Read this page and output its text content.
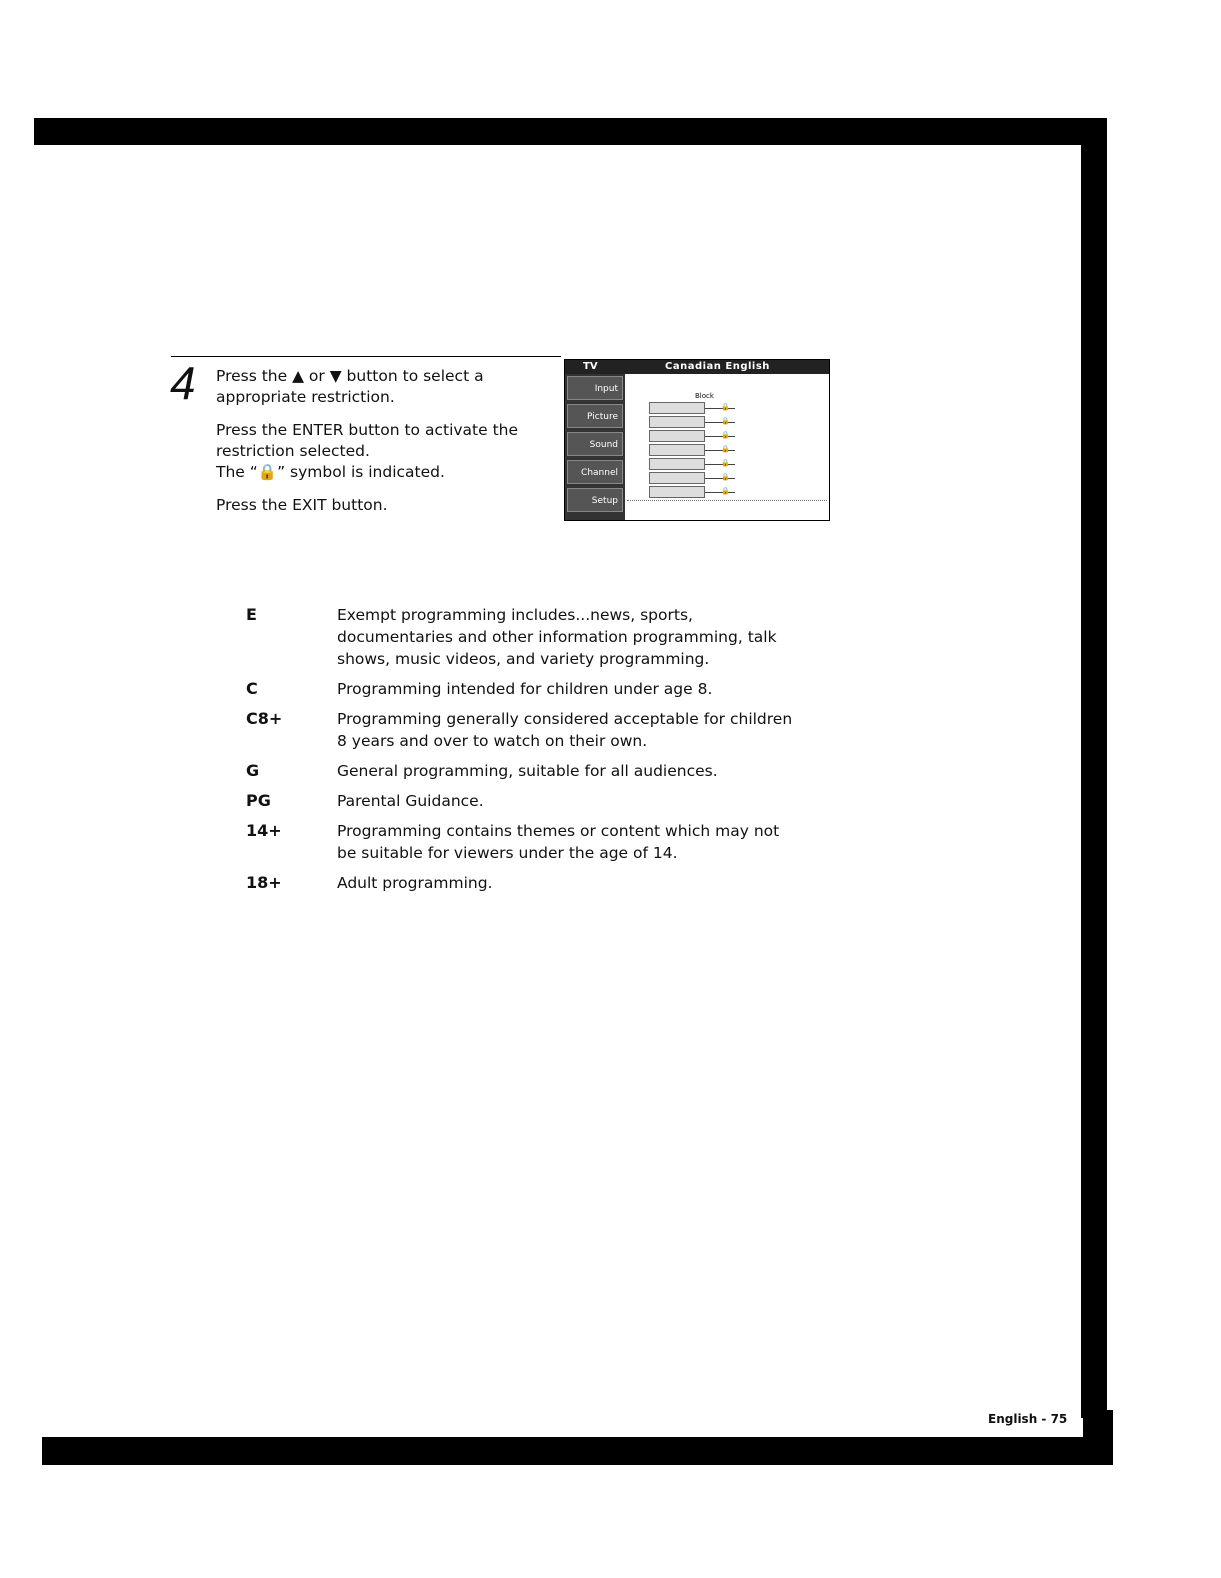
4	Press the ▲ or ▼ button to select a
appropriate restriction.

Press the ENTER button to activate the
restriction selected.
The “🔒” symbol is indicated.

Press the EXIT button.

TV	Canadian English
Input
Picture
Sound
Channel
Setup
Block
🔒
🔒
🔒
🔒
🔒
🔒
🔒
E	Exempt programming includes...news, sports,
documentaries and other information programming, talk
shows, music videos, and variety programming.
C	Programming intended for children under age 8.
C8+	Programming generally considered acceptable for children
8 years and over to watch on their own.
G	General programming, suitable for all audiences.
PG	Parental Guidance.
14+	Programming contains themes or content which may not
be suitable for viewers under the age of 14.
18+	Adult programming.
English - 75
